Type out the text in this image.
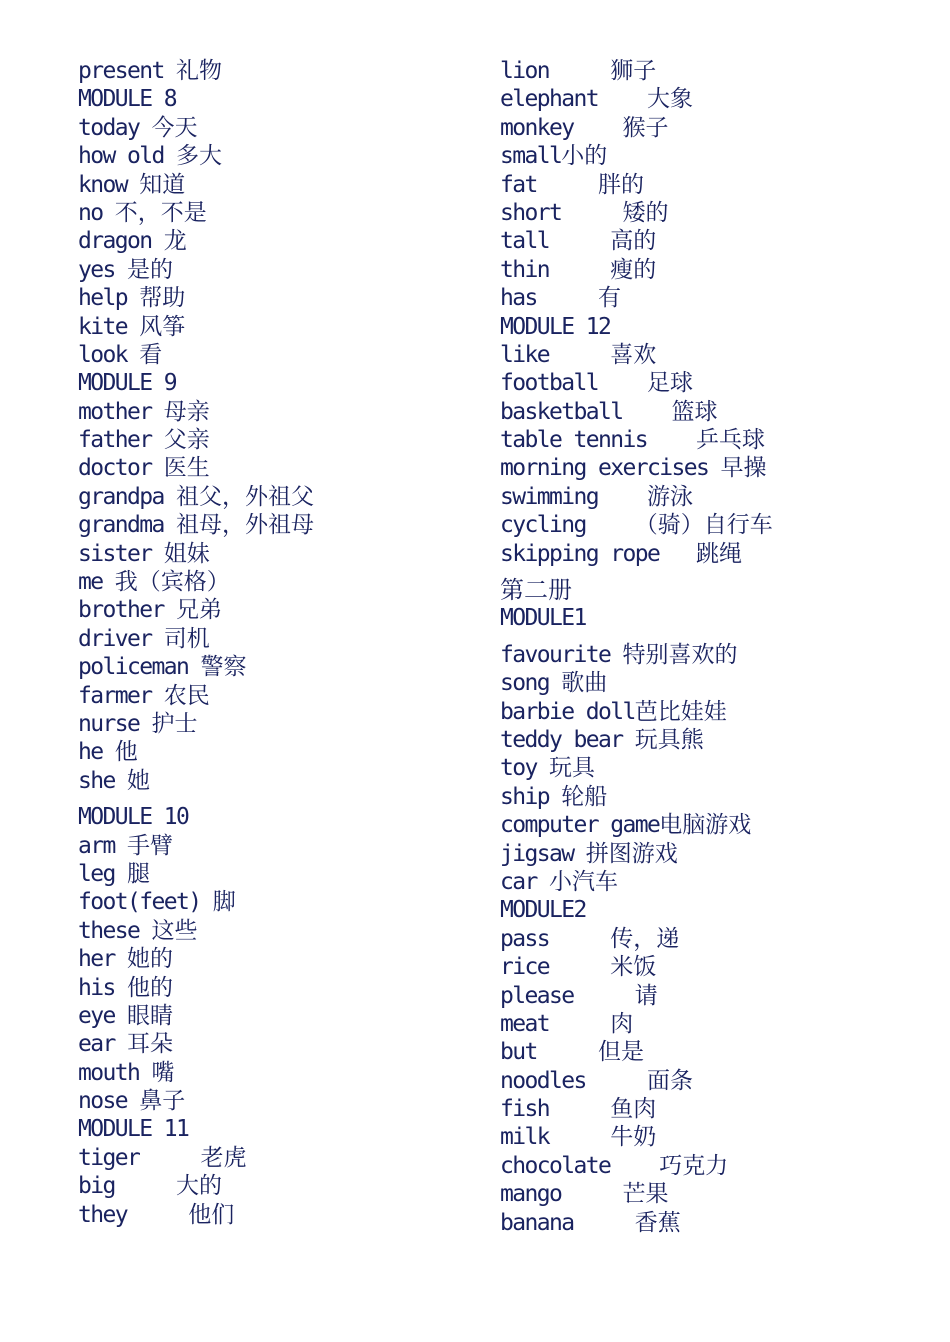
present 礼物
MODULE 8
today 今天
how old 多大
know 知道
no 不，不是
dragon 龙
yes 是的
help 帮助
kite 风筝
look 看
MODULE 9
mother 母亲
father 父亲
doctor 医生
grandpa 祖父，外祖父
grandma 祖母，外祖母
sister 姐妹
me 我（宾格）
brother 兄弟
driver 司机
policeman 警察
farmer 农民
nurse 护士
he 他
she 她
MODULE 10
arm 手臂
leg 腿
foot(feet) 脚
these 这些
her 她的
his 他的
eye 眼睛
ear 耳朵
mouth 嘴
nose 鼻子
MODULE 11
tiger     老虎
big     大的
they     他们
lion     狮子
elephant    大象
monkey    猴子
small小的
fat     胖的
short     矮的
tall     高的
thin     瘦的
has     有
MODULE 12
like     喜欢
football    足球
basketball    篮球
table tennis    乒乓球
morning exercises 早操
swimming    游泳
cycling    （骑）自行车
skipping rope   跳绳
第二册
MODULE1
favourite 特别喜欢的
song 歌曲
barbie doll芭比娃娃
teddy bear 玩具熊
toy 玩具
ship 轮船
computer game电脑游戏
jigsaw 拼图游戏
car 小汽车
MODULE2
pass     传，递
rice     米饭
please     请
meat     肉
but     但是
noodles     面条
fish     鱼肉
milk     牛奶
chocolate    巧克力
mango     芒果
banana     香蕉
